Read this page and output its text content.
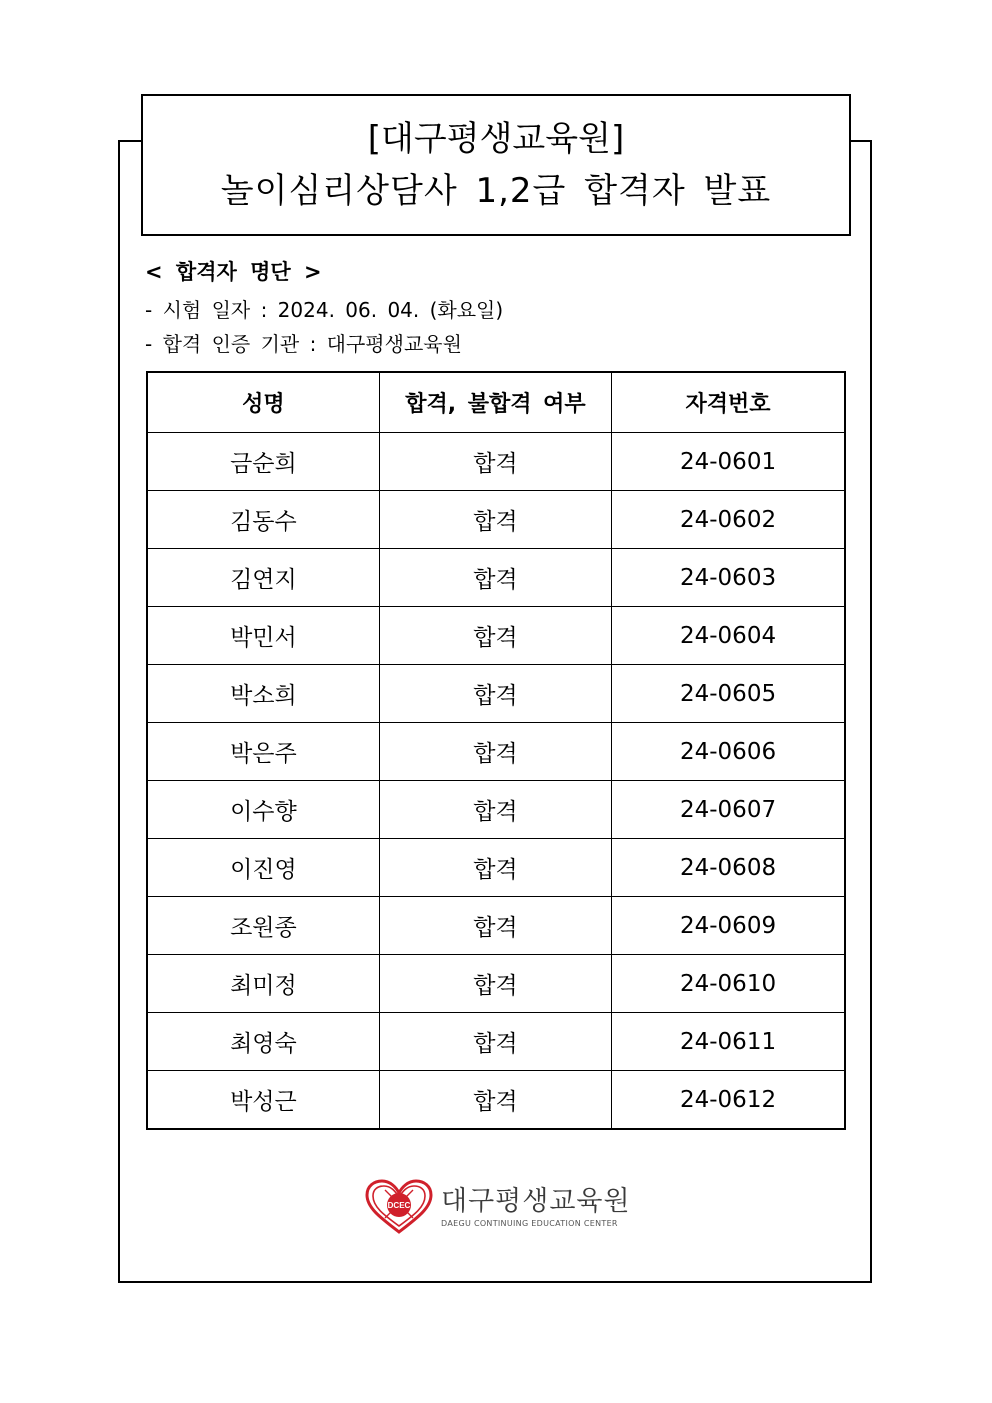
[대구평생교육원]
놀이심리상담사 1,2급 합격자 발표
< 합격자 명단 >
- 시험 일자 : 2024. 06. 04. (화요일)
- 합격 인증 기관 : 대구평생교육원
성명	합격, 불합격 여부	자격번호
금순희	합격	24-0601
김동수	합격	24-0602
김연지	합격	24-0603
박민서	합격	24-0604
박소희	합격	24-0605
박은주	합격	24-0606
이수향	합격	24-0607
이진영	합격	24-0608
조원종	합격	24-0609
최미정	합격	24-0610
최영숙	합격	24-0611
박성근	합격	24-0612
DCEC 대구평생교육원
DAEGU CONTINUING EDUCATION CENTER
